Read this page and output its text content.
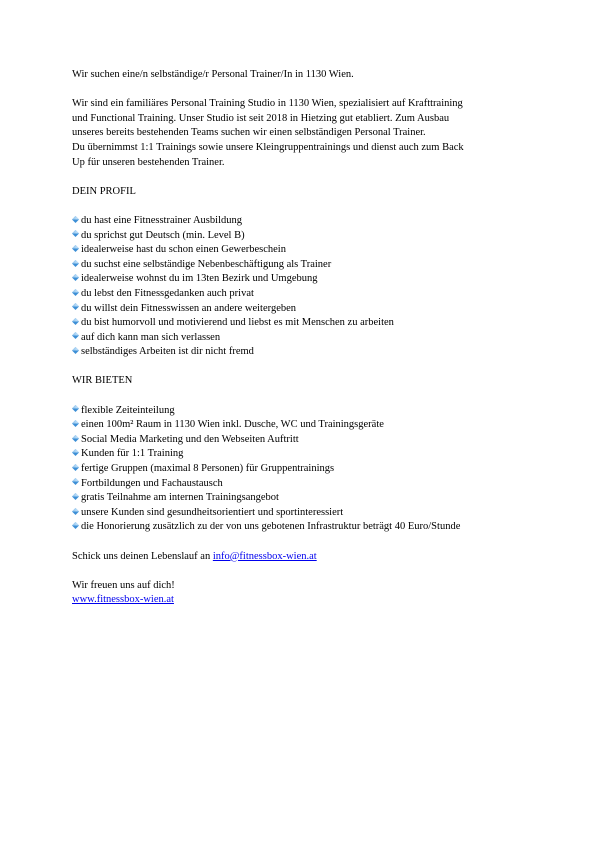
Wir suchen eine/n selbständige/r Personal Trainer/In in 1130 Wien.

Wir sind ein familiäres Personal Training Studio in 1130 Wien, spezialisiert auf Krafttraining
und Functional Training. Unser Studio ist seit 2018 in Hietzing gut etabliert. Zum Ausbau
unseres bereits bestehenden Teams suchen wir einen selbständigen Personal Trainer.
Du übernimmst 1:1 Trainings sowie unsere Kleingruppentrainings und dienst auch zum Back
Up für unseren bestehenden Trainer.

DEIN PROFIL

du hast eine Fitnesstrainer Ausbildung
du sprichst gut Deutsch (min. Level B)
idealerweise hast du schon einen Gewerbeschein
du suchst eine selbständige Nebenbeschäftigung als Trainer
idealerweise wohnst du im 13ten Bezirk und Umgebung
du lebst den Fitnessgedanken auch privat
du willst dein Fitnesswissen an andere weitergeben
du bist humorvoll und motivierend und liebst es mit Menschen zu arbeiten
auf dich kann man sich verlassen
selbständiges Arbeiten ist dir nicht fremd

WIR BIETEN

flexible Zeiteinteilung
einen 100m² Raum in 1130 Wien inkl. Dusche, WC und Trainingsgeräte
Social Media Marketing und den Webseiten Auftritt
Kunden für 1:1 Training
fertige Gruppen (maximal 8 Personen) für Gruppentrainings
Fortbildungen und Fachaustausch
gratis Teilnahme am internen Trainingsangebot
unsere Kunden sind gesundheitsorientiert und sportinteressiert
die Honorierung zusätzlich zu der von uns gebotenen Infrastruktur beträgt 40 Euro/Stunde

Schick uns deinen Lebenslauf an info@fitnessbox-wien.at

Wir freuen uns auf dich!
www.fitnessbox-wien.at
